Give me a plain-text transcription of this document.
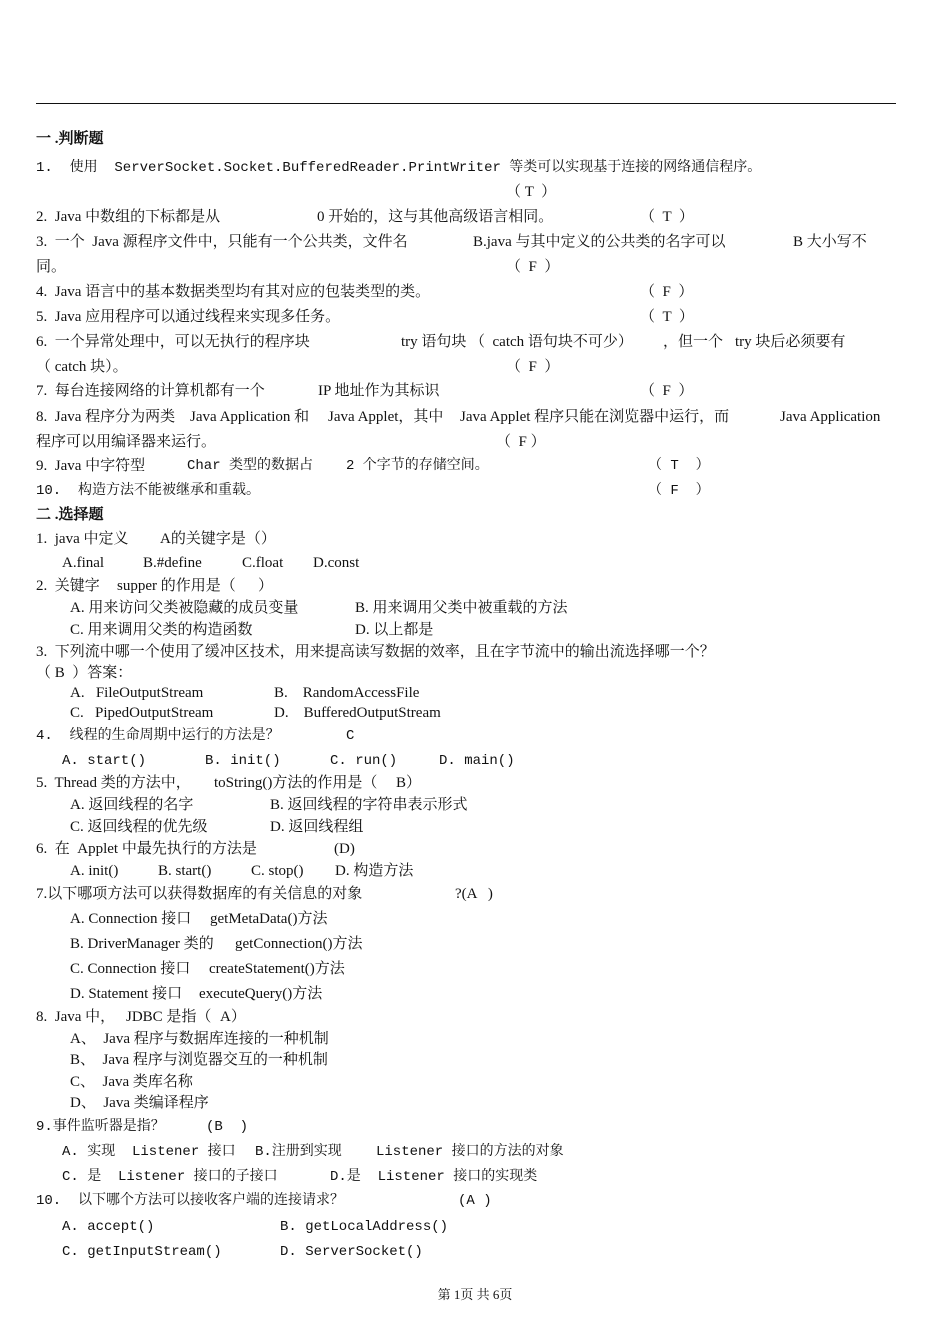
一 .判断题
1.  使用  ServerSocket.Socket.BufferedReader.PrintWriter 等类可以实现基于连接的网络通信程序。
（ T  ）
2.  Java 中数组的下标都是从	0 开始的，这与其他高级语言相同。	（  T  ）
3.  一个  Java 源程序文件中，只能有一个公共类，文件名	B.java 与其中定义的公共类的名字可以	B 大小写不
同。	（  F  ）
4.  Java 语言中的基本数据类型均有其对应的包装类型的类。	（  F  ）
5.  Java 应用程序可以通过线程来实现多任务。	（  T  ）
6.  一个异常处理中，可以无执行的程序块	try 语句块 （  catch 语句块不可少） ，但一个 try 块后必须要有
（ catch 块）。	（  F  ）
7.  每台连接网络的计算机都有一个	IP 地址作为其标识	（  F  ）
8.  Java 程序分为两类 Java Application 和 Java Applet，其中 Java Applet 程序只能在浏览器中运行，而	Java Application
程序可以用编译器来运行。	（  F ）
9.  Java 中字符型	Char 类型的数据占 2 个字节的存储空间。	（ T  ）
10.  构造方法不能被继承和重载。	（ F  ）
二 .选择题
1.  java 中定义 A的关键字是（）
A.final	B.#define	C.float D.const
2.  关键字 supper 的作用是（ ）
A. 用来访问父类被隐藏的成员变量	B. 用来调用父类中被重载的方法
C. 用来调用父类的构造函数	D. 以上都是
3.  下列流中哪一个使用了缓冲区技术，用来提高读写数据的效率，且在字节流中的输出流选择哪一个？
（ B  ）答案：
A.   FileOutputStream	B.    RandomAccessFile
C.   PipedOutputStream	D.    BufferedOutputStream
4.  线程的生命周期中运行的方法是？	C
A. start()	B. init()	C. run()	D. main()
5.  Thread 类的方法中， toString()方法的作用是（ B）
A. 返回线程的名字	B. 返回线程的字符串表示形式
C. 返回线程的优先级	D. 返回线程组
6.  在  Applet 中最先执行的方法是	(D)
A. init()	B. start()	C. stop() D. 构造方法
7.以下哪项方法可以获得数据库的有关信息的对象	?(A   )
A. Connection 接口 getMetaData()方法
B. DriverManager 类的 getConnection()方法
C. Connection 接口 createStatement()方法
D. Statement 接口 executeQuery()方法
8.  Java 中， JDBC 是指（ A）
A、  Java 程序与数据库连接的一种机制
B、  Java 程序与浏览器交互的一种机制
C、  Java 类库名称
D、  Java 类编译程序
9.事件监听器是指？	(B  )
A. 实现  Listener 接口 B.注册到实现 Listener 接口的方法的对象
C. 是  Listener 接口的子接口	D.是  Listener 接口的实现类
10.  以下哪个方法可以接收客户端的连接请求？	(A )
A. accept()	B. getLocalAddress()
C. getInputStream()	D. ServerSocket()
第 1页 共 6页
